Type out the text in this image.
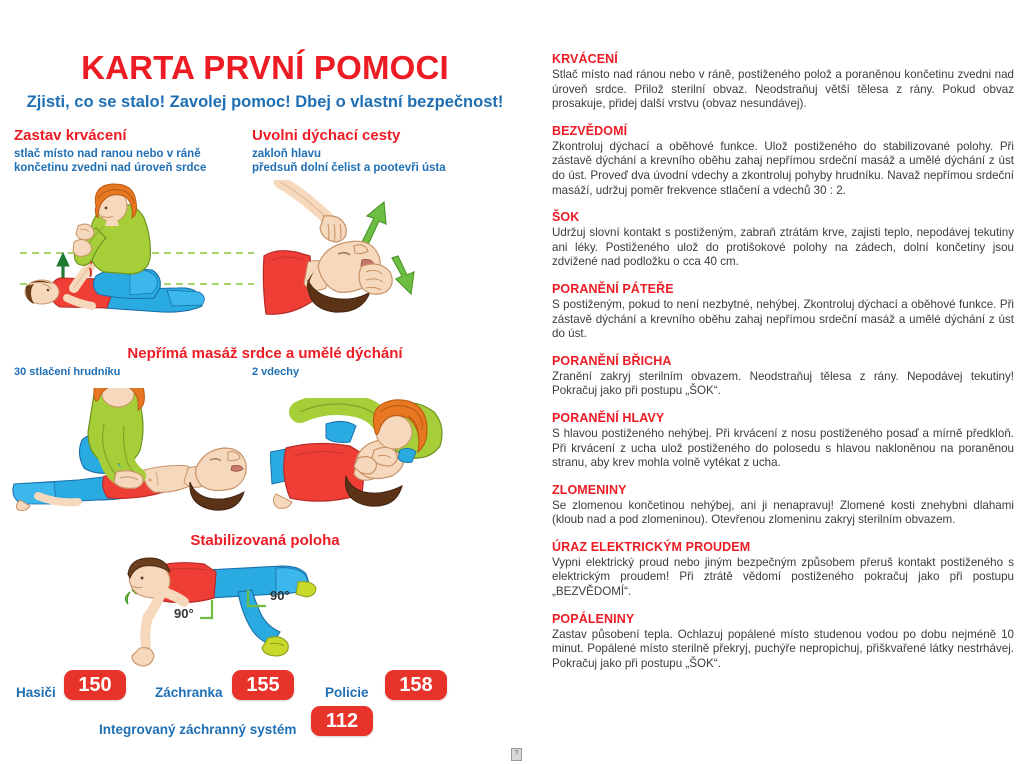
KARTA PRVNÍ POMOCI
Zjisti, co se stalo! Zavolej pomoc! Dbej o vlastní bezpečnost!
Zastav krvácení
stlač místo nad ranou nebo v ráně
končetinu zvedni nad úroveň srdce
Uvolni dýchací cesty
zakloň hlavu
předsuň dolní čelist a pootevři ústa
Nepřímá masáž srdce a umělé dýchání
30 stlačení hrudníku	2 vdechy
Stabilizovaná poloha
90°
90°
Hasiči	150	Záchranka	155	Policie	158
Integrovaný záchranný systém	112
KRVÁCENÍ

Stlač místo nad ránou nebo v ráně, postiženého polož a poraněnou končetinu zvedni nad úroveň srdce. Přilož sterilní obvaz. Neodstraňuj větší tělesa z rány. Pokud obvaz prosakuje, přidej další vrstvu (obvaz nesundávej).

BEZVĚDOMÍ

Zkontroluj dýchací a oběhové funkce. Ulož postiženého do stabilizované polohy. Při zástavě dýchání a krevního oběhu zahaj nepřímou srdeční masáž a umělé dýchání z úst do úst. Proveď dva úvodní vdechy a zkontroluj pohyby hrudníku. Navaž nepřímou srdeční masáží, udržuj poměr frekvence stlačení a vdechů 30 : 2.

ŠOK

Udržuj slovní kontakt s postiženým, zabraň ztrátám krve, zajisti teplo, nepodávej tekutiny ani léky. Postiženého ulož do protišokové polohy na zádech, dolní končetiny jsou zdvižené nad podložku o cca 40 cm.

PORANĚNÍ PÁTEŘE

S postiženým, pokud to není nezbytné, nehýbej. Zkontroluj dýchací a oběhové funkce. Při zástavě dýchání a krevního oběhu zahaj nepřímou srdeční masáž a umělé dýchání z úst do úst.

PORANĚNÍ BŘICHA

Zranění zakryj sterilním obvazem. Neodstraňuj tělesa z rány. Nepodávej tekutiny! Pokračuj jako při postupu „ŠOK“.

PORANĚNÍ HLAVY

S hlavou postiženého nehýbej. Při krvácení z nosu postiženého posaď a mírně předkloň. Při krvácení z ucha ulož postiženého do polosedu s hlavou nakloněnou na poraněnou stranu, aby krev mohla volně vytékat z ucha.

ZLOMENINY

Se zlomenou končetinou nehýbej, ani ji nenapravuj! Zlomené kosti znehybni dlahami (kloub nad a pod zlomeninou). Otevřenou zlomeninu zakryj sterilním obvazem.

ÚRAZ ELEKTRICKÝM PROUDEM

Vypni elektrický proud nebo jiným bezpečným způsobem přeruš kontakt postiženého s elektrickým proudem! Při ztrátě vědomí postiženého pokračuj jako při postupu „BEZVĚDOMÍ“.

POPÁLENINY

Zastav působení tepla. Ochlazuj popálené místo studenou vodou po dobu nejméně 10 minut. Popálené místo sterilně překryj, puchýře nepropichuj, přiškvařené látky nestrhávej. Pokračuj jako při postupu „ŠOK“.

?
